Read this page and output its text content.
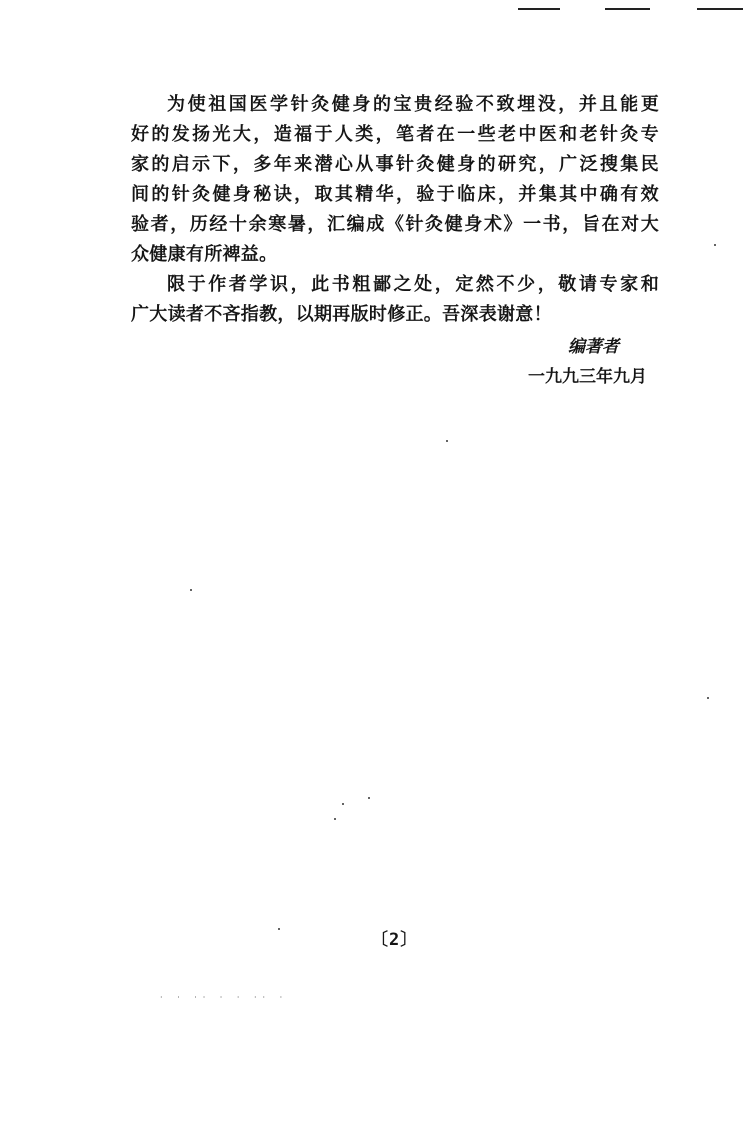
为使祖国医学针灸健身的宝贵经验不致埋没，并且能更
好的发扬光大，造福于人类，笔者在一些老中医和老针灸专
家的启示下，多年来潜心从事针灸健身的研究，广泛搜集民
间的针灸健身秘诀，取其精华，验于临床，并集其中确有效
验者，历经十余寒暑，汇编成《针灸健身术》一书，旨在对大
众健康有所裨益。

限于作者学识，此书粗鄙之处，定然不少，敬请专家和
广大读者不吝指教，以期再版时修正。吾深表谢意！

编著者
一九九三年九月
〔2〕
· · ·· · · ·· ·
